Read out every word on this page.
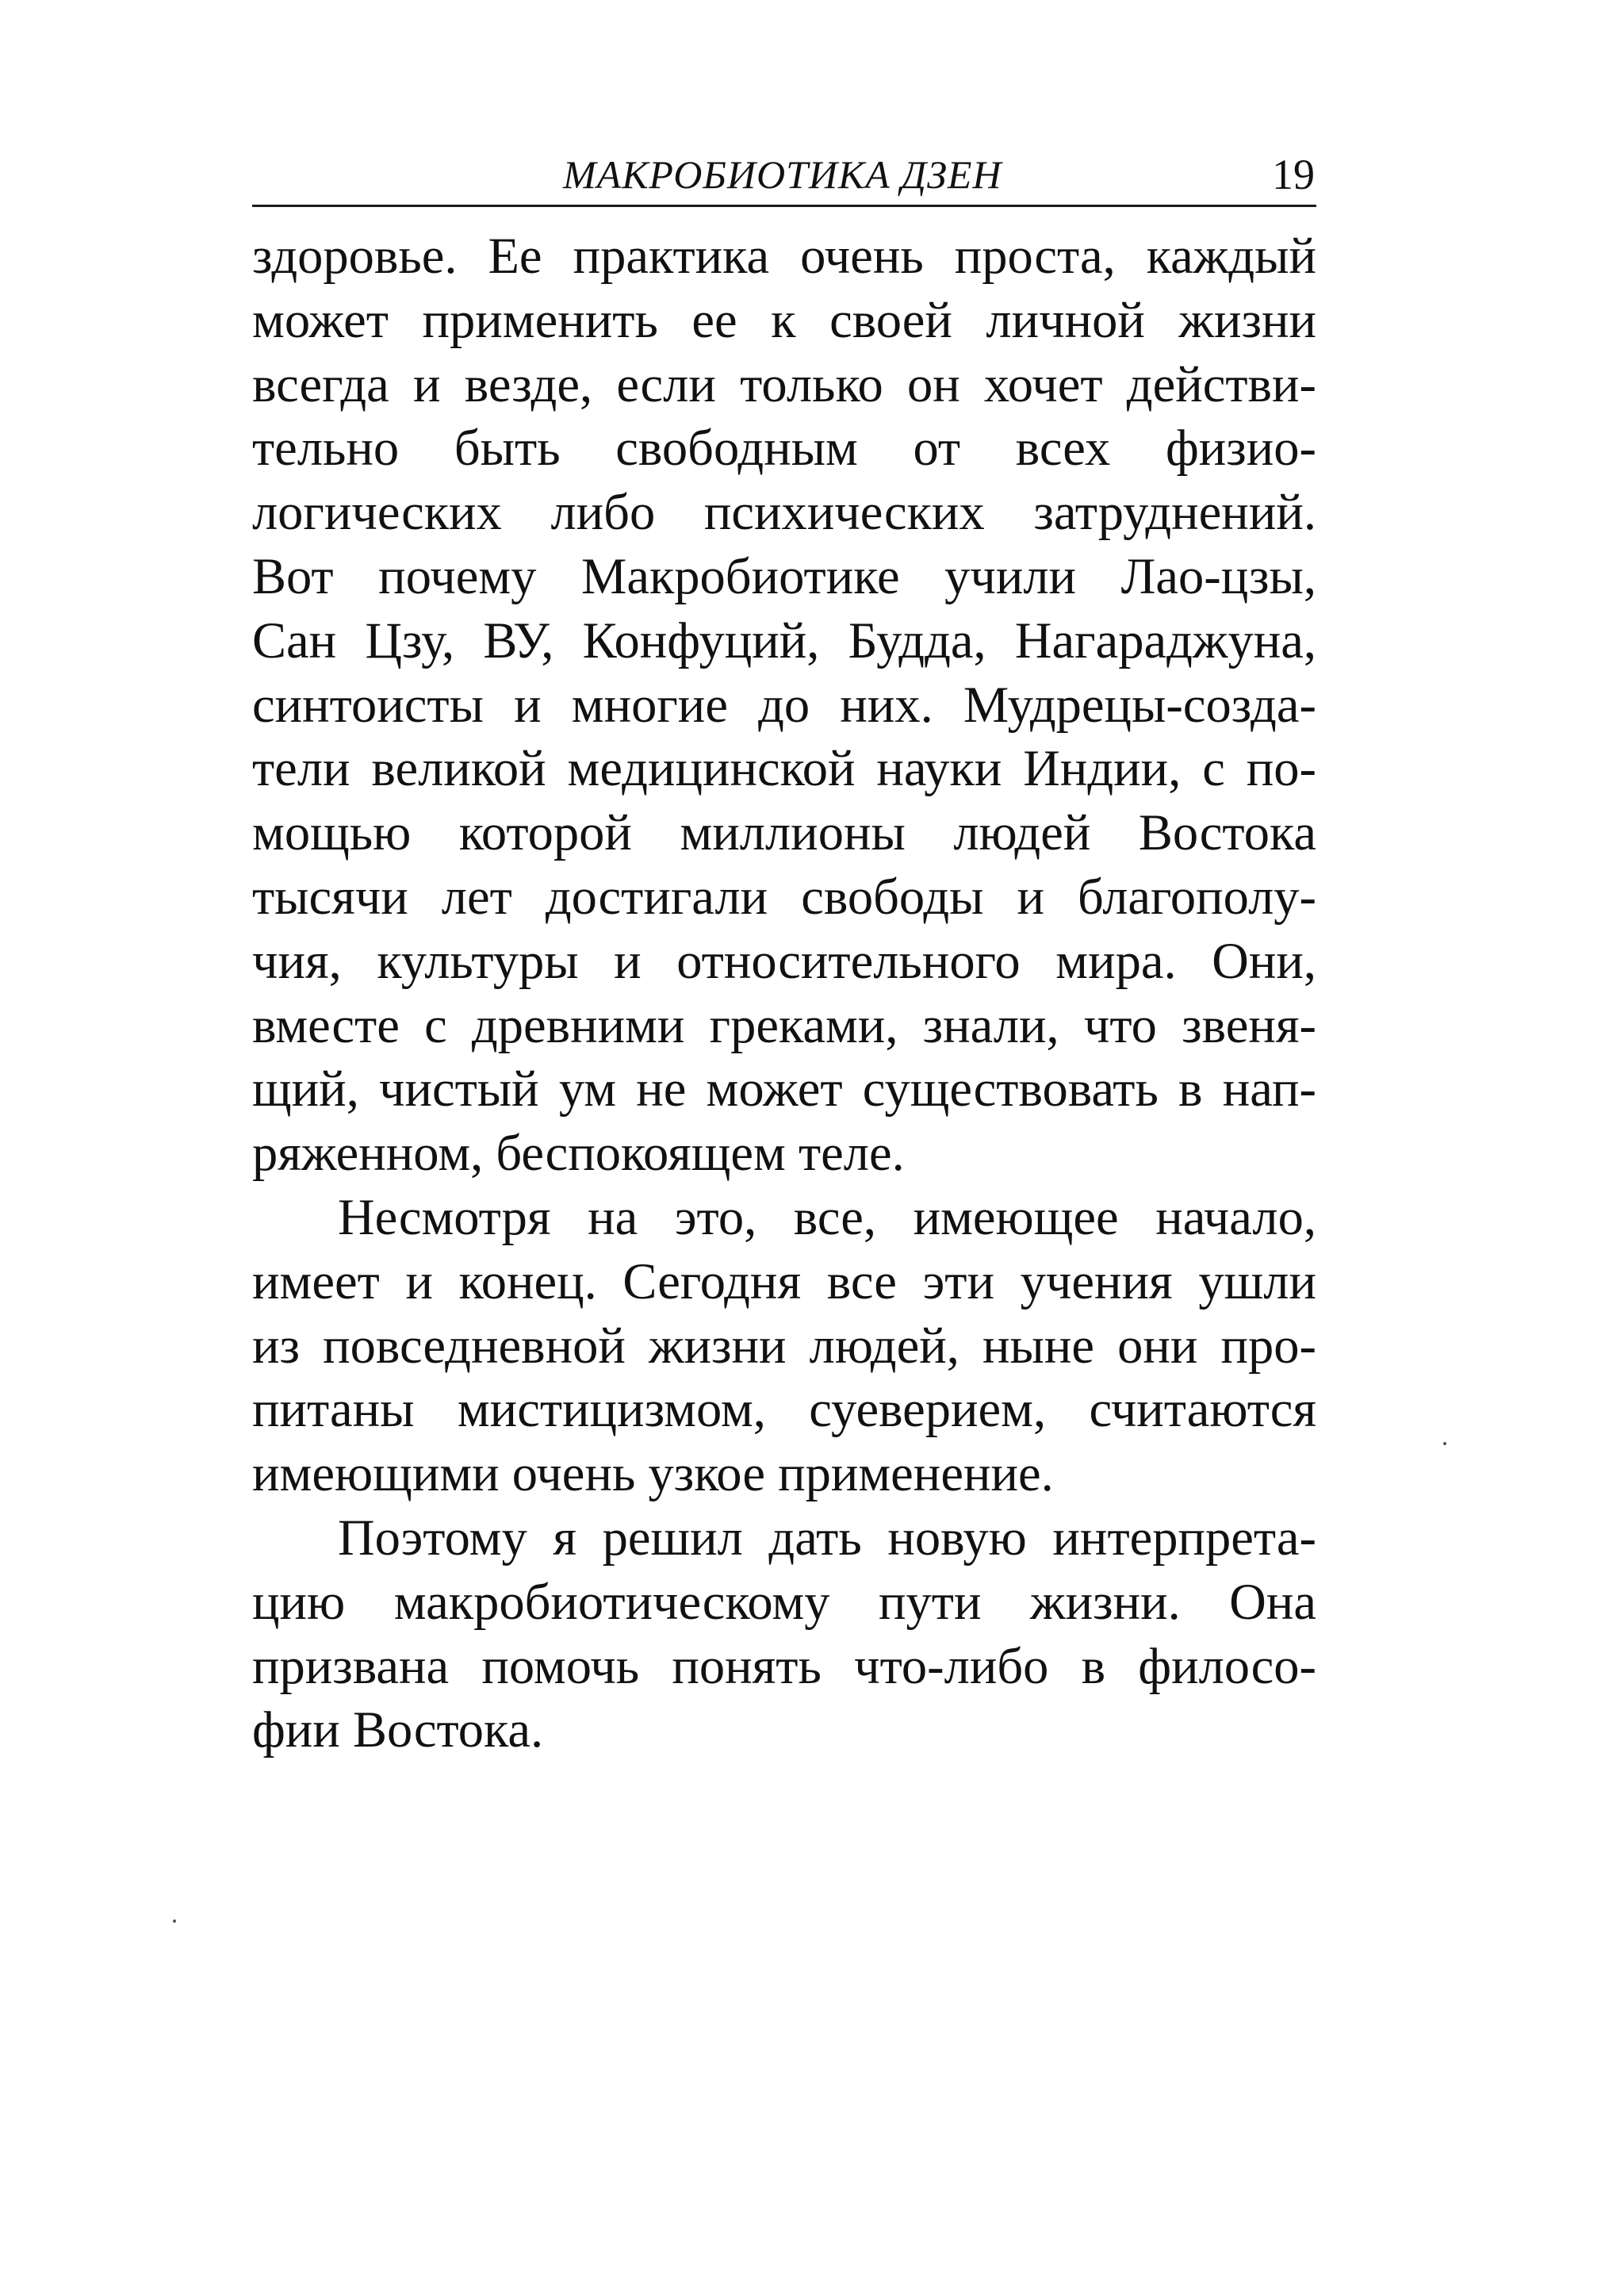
МАКРОБИОТИКА ДЗЕН	19
здоровье. Ее практика очень проста, каждый
может применить ее к своей личной жизни
всегда и везде, если только он хочет действи-
тельно быть свободным от всех физио-
логических либо психических затруднений.
Вот почему Макробиотике учили Лао-цзы,
Сан Цзу, ВУ, Конфуций, Будда, Нагараджуна,
синтоисты и многие до них. Мудрецы-созда-
тели великой медицинской науки Индии, с по-
мощью которой миллионы людей Востока
тысячи лет достигали свободы и благополу-
чия, культуры и относительного мира. Они,
вместе с древними греками, знали, что звеня-
щий, чистый ум не может существовать в нап-
ряженном, беспокоящем теле.
Несмотря на это, все, имеющее начало,
имеет и конец. Сегодня все эти учения ушли
из повседневной жизни людей, ныне они про-
питаны мистицизмом, суеверием, считаются
имеющими очень узкое применение.
Поэтому я решил дать новую интерпрета-
цию макробиотическому пути жизни. Она
призвана помочь понять что-либо в филосо-
фии Востока.
